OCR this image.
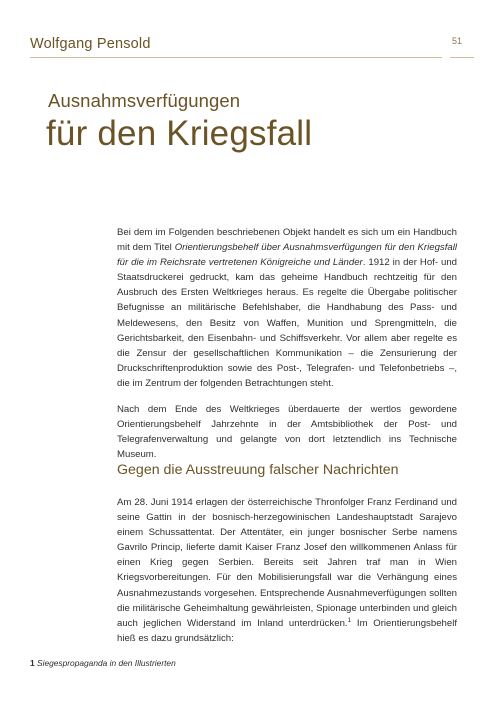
Wolfgang Pensold	51
Ausnahmsverfügungen
für den Kriegsfall

Bei dem im Folgenden beschriebenen Objekt handelt es sich um ein Handbuch mit dem Titel Orientierungsbehelf über Ausnahmsverfügungen für den Kriegsfall für die im Reichsrate vertretenen Königreiche und Länder. 1912 in der Hof- und Staatsdruckerei gedruckt, kam das geheime Handbuch rechtzeitig für den Ausbruch des Ersten Weltkrieges heraus. Es regelte die Übergabe politischer Befugnisse an militärische Befehlshaber, die Handhabung des Pass- und Meldewesens, den Besitz von Waffen, Munition und Sprengmitteln, die Gerichtsbarkeit, den Eisenbahn- und Schiffsverkehr. Vor allem aber regelte es die Zensur der gesellschaftlichen Kommunikation – die Zensurierung der Druckschriftenproduktion sowie des Post-, Telegrafen- und Telefonbetriebs –, die im Zentrum der folgenden Betrachtungen steht.

Nach dem Ende des Weltkrieges überdauerte der wertlos gewordene Orientierungsbehelf Jahrzehnte in der Amtsbibliothek der Post- und Telegrafenverwaltung und gelangte von dort letztendlich ins Technische Museum.

Gegen die Ausstreuung falscher Nachrichten

Am 28. Juni 1914 erlagen der österreichische Thronfolger Franz Ferdinand und seine Gattin in der bosnisch-herzegowinischen Landeshauptstadt Sarajevo einem Schussattentat. Der Attentäter, ein junger bosnischer Serbe namens Gavrilo Princip, lieferte damit Kaiser Franz Josef den willkommenen Anlass für einen Krieg gegen Serbien. Bereits seit Jahren traf man in Wien Kriegsvorbereitungen. Für den Mobilisierungsfall war die Verhängung eines Ausnahmezustands vorgesehen. Entsprechende Ausnahmeverfügungen sollten die militärische Geheimhaltung gewährleisten, Spionage unterbinden und gleich auch jeglichen Widerstand im Inland unterdrücken.$^1$ Im Orientierungsbehelf hieß es dazu grundsätzlich:

1 Siegespropaganda in den Illustrierten
